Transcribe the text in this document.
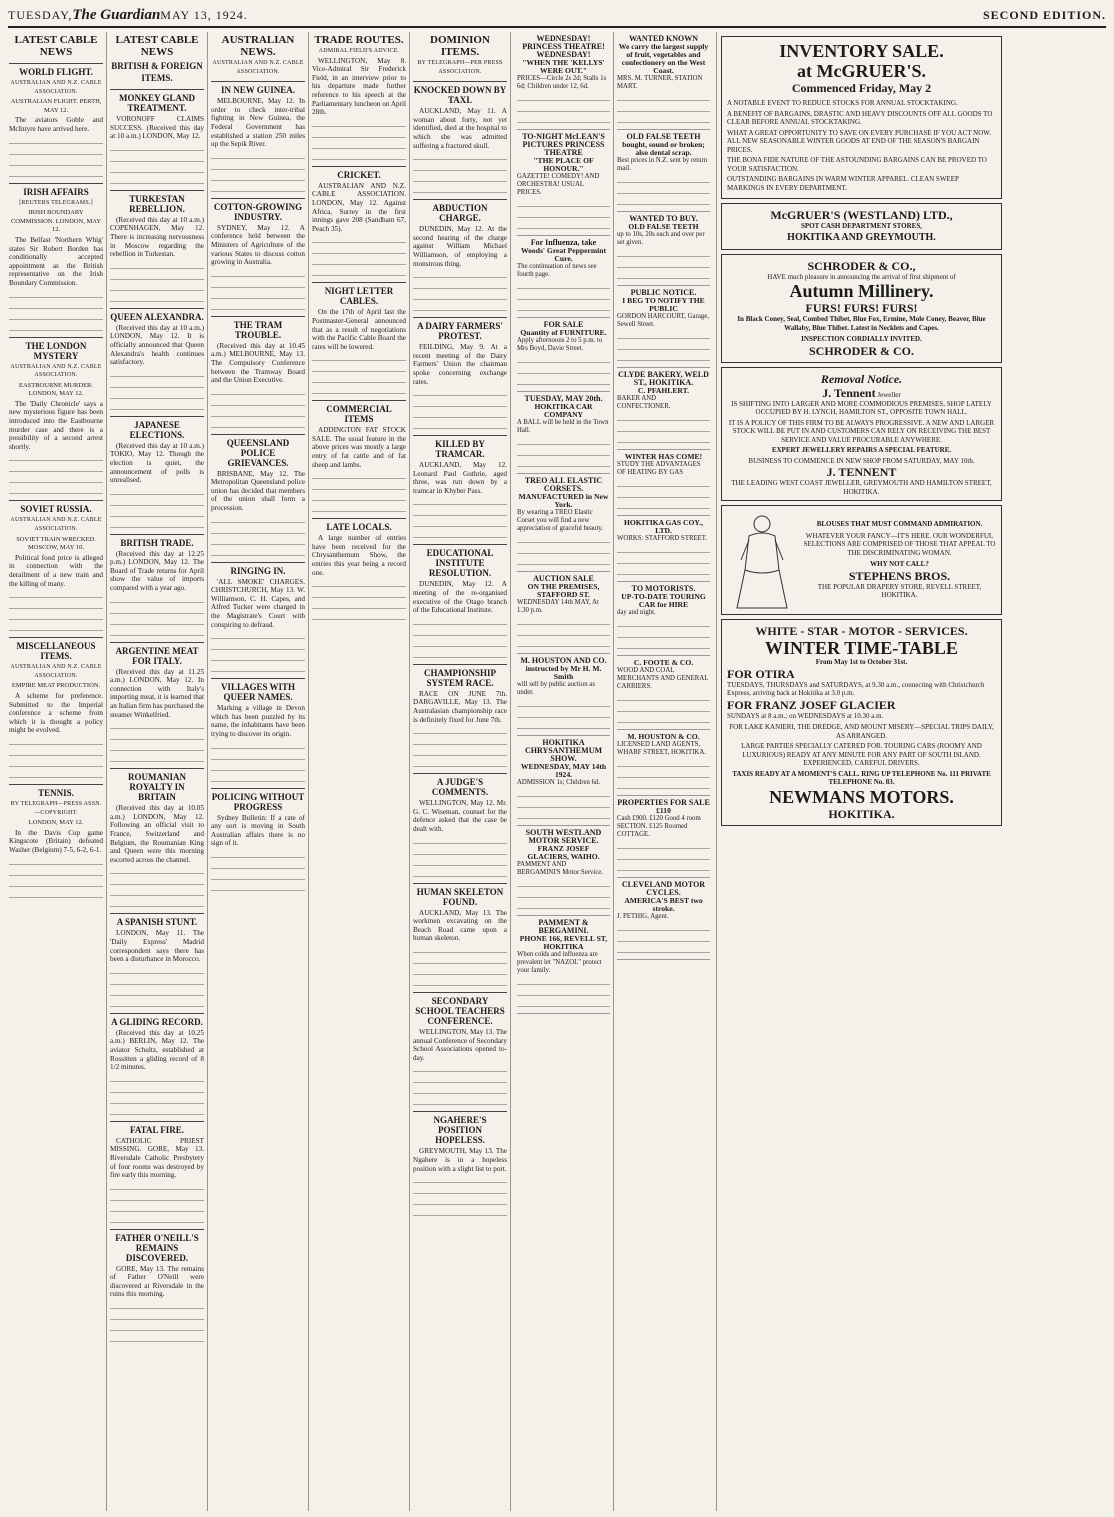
TUESDAY, The Guardian MAY 13, 1924.	SECOND EDITION.
LATEST CABLE NEWS
WORLD FLIGHT.
AUSTRALIAN AND N.Z. CABLE ASSOCIATION.
AUSTRALIAN FLIGHT. PERTH, MAY 12.
The aviators Goble and McIntyre have arrived here.
IRISH AFFAIRS
[REUTERS TELEGRAMS.]
IRISH BOUNDARY COMMISSION. LONDON, MAY 12.
The Belfast 'Northern Whig' states Sir Robert Borden has conditionally accepted appointment as the British representative on the Irish Boundary Commission.
THE LONDON MYSTERY
AUSTRALIAN AND N.Z. CABLE ASSOCIATION.
EASTBOURNE MURDER. LONDON, MAY 12.
The 'Daily Chronicle' says a new mysterious figure has been introduced into the Eastbourne murder case and there is a possibility of a second arrest shortly.
SOVIET RUSSIA.
AUSTRALIAN AND N.Z. CABLE ASSOCIATION.
SOVIET TRAIN WRECKED. MOSCOW, MAY 10.
Political food price is alleged in connection with the derailment of a new train and the killing of many.
MISCELLANEOUS ITEMS.
AUSTRALIAN AND N.Z. CABLE ASSOCIATION.
EMPIRE MEAT PRODUCTION.
A scheme for preference. Submitted to the Imperial conference a scheme from which it is thought a policy might be evolved.
TENNIS.
BY TELEGRAPH—PRESS ASSN.—COPYRIGHT.
LONDON, MAY 12.
In the Davis Cup game Kingscote (Britain) defeated Washer (Belgium) 7-5, 6-2, 6-1.
LATEST CABLE NEWS
BRITISH & FOREIGN ITEMS.
MONKEY GLAND TREATMENT.
VORONOFF CLAIMS SUCCESS. (Received this day at 10 a.m.) LONDON, May 12.
TURKESTAN REBELLION.
(Received this day at 10 a.m.) COPENHAGEN, May 12. There is increasing nervousness in Moscow regarding the rebellion in Turkestan.
QUEEN ALEXANDRA.
(Received this day at 10 a.m.) LONDON, May 12. It is officially announced that Queen Alexandra's health continues satisfactory.
JAPANESE ELECTIONS.
(Received this day at 10 a.m.) TOKIO, May 12. Though the election is quiet, the announcement of polls is unrealised.
BRITISH TRADE.
(Received this day at 12.25 p.m.) LONDON, May 12. The Board of Trade returns for April show the value of imports compared with a year ago.
ARGENTINE MEAT FOR ITALY.
(Received this day at 11.25 a.m.) LONDON, May 12. In connection with Italy's importing meat, it is learned that an Italian firm has purchased the steamer Winkelfried.
ROUMANIAN ROYALTY IN BRITAIN
(Received this day at 10.05 a.m.) LONDON, May 12. Following an official visit to France, Switzerland and Belgium, the Roumanian King and Queen were this morning escorted across the channel.
A SPANISH STUNT.
LONDON, May 11. The 'Daily Express' Madrid correspondent says there has been a disturbance in Morocco.
A GLIDING RECORD.
(Received this day at 10.25 a.m.) BERLIN, May 12. The aviator Schultz, established at Rossitten a gliding record of 8 1/2 minutes.
FATAL FIRE.
CATHOLIC PRIEST MISSING. GORE, May 13. Riversdale Catholic Presbytery of four rooms was destroyed by fire early this morning.
FATHER O'NEILL'S REMAINS DISCOVERED.
GORE, May 13. The remains of Father O'Neill were discovered at Riversdale in the ruins this morning.
AUSTRALIAN NEWS.
AUSTRALIAN AND N.Z. CABLE ASSOCIATION.
IN NEW GUINEA.
MELBOURNE, May 12. In order to check inter-tribal fighting in New Guinea, the Federal Government has established a station 250 miles up the Sepik River.
COTTON-GROWING INDUSTRY.
SYDNEY, May 12. A conference held between the Ministers of Agriculture of the various States to discuss cotton growing in Australia.
THE TRAM TROUBLE.
(Received this day at 10.45 a.m.) MELBOURNE, May 13. The Compulsory Conference between the Tramway Board and the Union Executive.
QUEENSLAND POLICE GRIEVANCES.
BRISBANE, May 12. The Metropolitan Queensland police union has decided that members of the union shall form a procession.
RINGING IN.
'ALL SMOKE' CHARGES. CHRISTCHURCH, May 13. W. Williamson, C. H. Capes, and Alfred Tucker were charged in the Magistrate's Court with conspiring to defraud.
VILLAGES WITH QUEER NAMES.
Marking a village in Devon which has been puzzled by its name, the inhabitants have been trying to discover its origin.
POLICING WITHOUT PROGRESS
Sydney Bulletin: If a rate of any sort is moving in South Australian affairs there is no sign of it.
TRADE ROUTES.
ADMIRAL FIELD'S ADVICE.
WELLINGTON, May 8. Vice-Admiral Sir Frederick Field, in an interview prior to his departure made further reference to his speech at the Parliamentary luncheon on April 28th.
CRICKET.
AUSTRALIAN AND N.Z. CABLE ASSOCIATION. LONDON, May 12. Against Africa, Surrey in the first innings gave 208 (Sandham 67, Peach 35).
NIGHT LETTER CABLES.
On the 17th of April last the Postmaster-General announced that as a result of negotiations with the Pacific Cable Board the rates will be lowered.
COMMERCIAL ITEMS
ADDINGTON FAT STOCK SALE. The usual feature in the above prices was mostly a large entry of fat cattle and of fat sheep and lambs.
LATE LOCALS.
A large number of entries have been received for the Chrysanthemum Show, the entries this year being a record one.
DOMINION ITEMS.
BY TELEGRAPH—PER PRESS ASSOCIATION.
KNOCKED DOWN BY TAXI.
AUCKLAND, May 11. A woman about forty, not yet identified, died at the hospital to which she was admitted suffering a fractured skull.
ABDUCTION CHARGE.
DUNEDIN, May 12. At the second hearing of the charge against William Michael Williamson, of employing a monstrous thing.
A DAIRY FARMERS' PROTEST.
FEILDING, May 9. At a recent meeting of the Dairy Farmers' Union the chairman spoke concerning exchange rates.
KILLED BY TRAMCAR.
AUCKLAND, May 12. Leonard Paul Guthrie, aged three, was run down by a tramcar in Khyber Pass.
EDUCATIONAL INSTITUTE RESOLUTION.
DUNEDIN, May 12. A meeting of the re-organised executive of the Otago branch of the Educational Institute.
CHAMPIONSHIP SYSTEM RACE.
RACE ON JUNE 7th. DARGAVILLE, May 13. The Australasian championship race is definitely fixed for June 7th.
A JUDGE'S COMMENTS.
WELLINGTON, May 12. Mr. G. C. Wiseman, counsel for the defence asked that the case be dealt with.
HUMAN SKELETON FOUND.
AUCKLAND, May 13. The workmen excavating on the Beach Road came upon a human skeleton.
SECONDARY SCHOOL TEACHERS CONFERENCE.
WELLINGTON, May 13. The annual Conference of Secondary School Associations opened to-day.
NGAHERE'S POSITION HOPELESS.
GREYMOUTH, May 13. The Ngahere is in a hopeless position with a slight list to port.
WEDNESDAY! PRINCESS THEATRE! WEDNESDAY!
"WHEN THE 'KELLYS' WERE OUT."
PRICES—Circle 2s 2d; Stalls 1s 6d; Children under 12, 6d.
TO-NIGHT McLEAN'S PICTURES PRINCESS THEATRE
"THE PLACE OF HONOUR."
GAZETTE! COMEDY! AND ORCHESTRA! USUAL PRICES.
For Influenza, take
Woods' Great Peppermint Cure.
The continuation of news see fourth page.
FOR SALE
Quantity of FURNITURE.
Apply afternoons 2 to 5 p.m. to Mrs Boyd, Davie Street.
TUESDAY, MAY 20th.
HOKITIKA CAR COMPANY
A BALL will be held in the Town Hall.
TREO ALL ELASTIC CORSETS.
MANUFACTURED in New York.
By wearing a TREO Elastic Corset you will find a new appreciation of graceful beauty.
AUCTION SALE
ON THE PREMISES, STAFFORD ST.
WEDNESDAY 14th MAY, At 1.30 p.m.
M. HOUSTON AND CO.
instructed by Mr H. M. Smith
will sell by public auction as under.
HOKITIKA CHRYSANTHEMUM SHOW.
WEDNESDAY, MAY 14th 1924.
ADMISSION 1s; Children 6d.
SOUTH WESTLAND MOTOR SERVICE.
FRANZ JOSEF GLACIERS, WAIHO.
PAMMENT AND BERGAMINI'S Motor Service.
PAMMENT & BERGAMINI.
PHONE 166, REVELL ST, HOKITIKA
When colds and influenza are prevalent let "NAZOL" protect your family.
WANTED KNOWN
We carry the largest supply of fruit, vegetables and confectionery on the West Coast.
MRS. M. TURNER, STATION MART.
OLD FALSE TEETH
bought, sound or broken; also dental scrap.
Best prices in N.Z. sent by return mail.
WANTED TO BUY.
OLD FALSE TEETH
up to 10s, 20s each and over per set given.
PUBLIC NOTICE.
I BEG TO NOTIFY THE PUBLIC
GORDON HARCOURT, Garage, Sewell Street.
CLYDE BAKERY, WELD ST., HOKITIKA.
C. PFAHLERT.
BAKER AND CONFECTIONER.
WINTER HAS COME!
STUDY THE ADVANTAGES OF HEATING BY GAS
HOKITIKA GAS COY., LTD.
WORKS: STAFFORD STREET.
TO MOTORISTS.
UP-TO-DATE TOURING CAR for HIRE
day and night.
C. FOOTE & CO.
WOOD AND COAL MERCHANTS AND GENERAL CARRIERS.
M. HOUSTON & CO.
LICENSED LAND AGENTS, WHARF STREET, HOKITIKA.
PROPERTIES FOR SALE
£110
Cash £900. £120 Good 4 room SECTION. £125 Roomed COTTAGE.
CLEVELAND MOTOR CYCLES.
AMERICA'S BEST two stroke.
J. PETHIG, Agent.
INVENTORY SALE.
at McGRUER'S.
Commenced Friday, May 2
A NOTABLE EVENT TO REDUCE STOCKS FOR ANNUAL STOCKTAKING.
A BENEFIT OF BARGAINS, DRASTIC AND HEAVY DISCOUNTS OFF ALL GOODS TO CLEAR BEFORE ANNUAL STOCKTAKING.
WHAT A GREAT OPPORTUNITY TO SAVE ON EVERY PURCHASE IF YOU ACT NOW. ALL NEW SEASONABLE WINTER GOODS AT END OF THE SEASON'S BARGAIN PRICES.
THE BONA FIDE NATURE OF THE ASTOUNDING BARGAINS CAN BE PROVED TO YOUR SATISFACTION.
OUTSTANDING BARGAINS IN WARM WINTER APPAREL. CLEAN SWEEP MARKINGS IN EVERY DEPARTMENT.
McGRUER'S (WESTLAND) LTD.,
SPOT CASH DEPARTMENT STORES,
HOKITIKA AND GREYMOUTH.
SCHRODER & CO.,
HAVE much pleasure in announcing the arrival of first shipment of
Autumn Millinery.
FURS! FURS! FURS!
In Black Coney, Seal, Combed Thibet, Blue Fox, Ermine, Mole Coney, Beaver, Blue Wallaby, Blue Thibet. Latest in Necklets and Capes.
INSPECTION CORDIALLY INVITED.
SCHRODER & CO.
Removal Notice.
J. Tennent Jeweller
IS SHIFTING INTO LARGER AND MORE COMMODIOUS PREMISES, SHOP LATELY OCCUPIED BY H. LYNCH, HAMILTON ST., OPPOSITE TOWN HALL.
IT IS A POLICY OF THIS FIRM TO BE ALWAYS PROGRESSIVE. A NEW AND LARGER STOCK WILL BE PUT IN AND CUSTOMERS CAN RELY ON RECEIVING THE BEST SERVICE AND VALUE PROCURABLE ANYWHERE.
EXPERT JEWELLERY REPAIRS A SPECIAL FEATURE.
BUSINESS TO COMMENCE IN NEW SHOP FROM SATURDAY, MAY 10th.
J. TENNENT
THE LEADING WEST COAST JEWELLER, GREYMOUTH AND HAMILTON STREET, HOKITIKA.
BLOUSES THAT MUST COMMAND ADMIRATION.
WHATEVER YOUR FANCY—IT'S HERE. OUR WONDERFUL SELECTIONS ARE COMPRISED OF THOSE THAT APPEAL TO THE DISCRIMINATING WOMAN.
WHY NOT CALL?
STEPHENS BROS.
THE POPULAR DRAPERY STORE, REVELL STREET, HOKITIKA.
WHITE - STAR - MOTOR - SERVICES.
WINTER TIME-TABLE
From May 1st to October 31st.
FOR OTIRA
TUESDAYS, THURSDAYS and SATURDAYS, at 9.30 a.m., connecting with Christchurch Express, arriving back at Hokitika at 3.0 p.m.
FOR FRANZ JOSEF GLACIER
SUNDAYS at 8 a.m.; on WEDNESDAYS at 10.30 a.m.
FOR LAKE KANIERI, THE DREDGE, AND MOUNT MISERY—SPECIAL TRIPS DAILY, AS ARRANGED.
LARGE PARTIES SPECIALLY CATERED FOR. TOURING CARS (ROOMY AND LUXURIOUS) READY AT ANY MINUTE FOR ANY PART OF SOUTH ISLAND. EXPERIENCED, CAREFUL DRIVERS.
TAXIS READY AT A MOMENT'S CALL. RING UP TELEPHONE No. 111 PRIVATE TELEPHONE No. 83.
NEWMANS MOTORS.
HOKITIKA.
